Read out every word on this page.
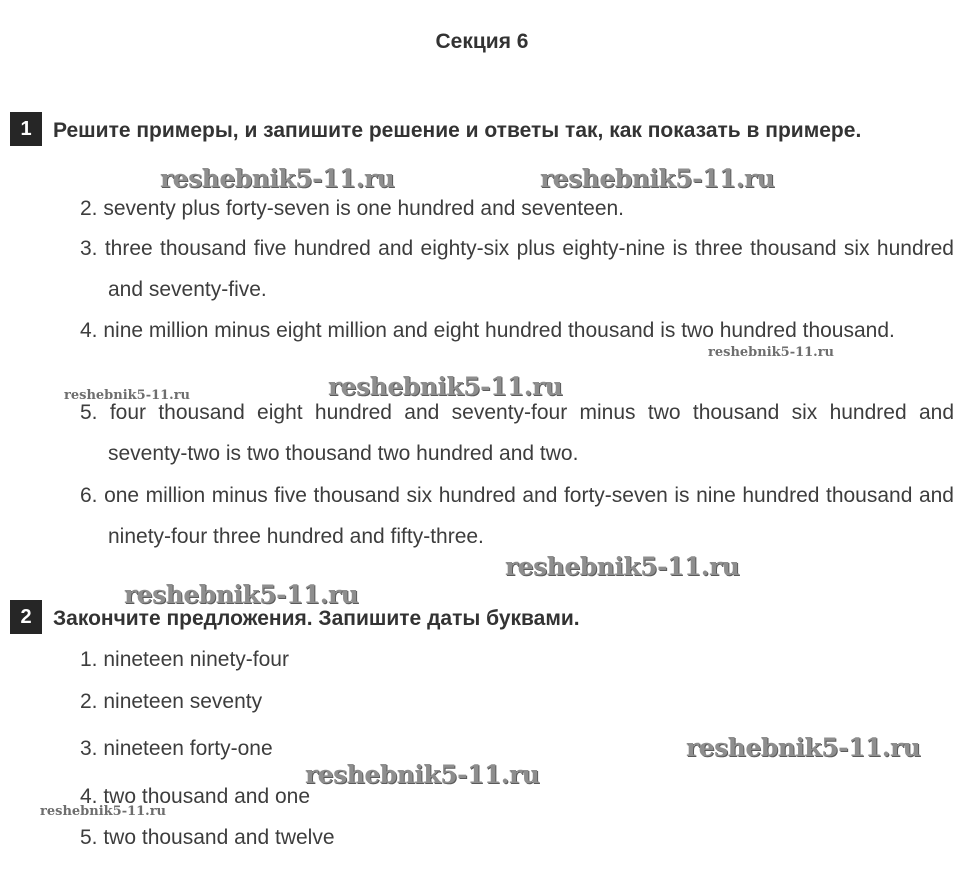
Секция 6
1	Решите примеры, и запишите решение и ответы так, как показать в примере.
2. seventy plus forty-seven is one hundred and seventeen.
3. three thousand five hundred and eighty-six plus eighty-nine is three thousand six hundred and seventy-five.
4. nine million minus eight million and eight hundred thousand is two hundred thousand.
5. four thousand eight hundred and seventy-four minus two thousand six hundred and seventy-two is two thousand two hundred and two.
6. one million minus five thousand six hundred and forty-seven is nine hundred thousand and ninety-four three hundred and fifty-three.
2	Закончите предложения. Запишите даты буквами.
1. nineteen ninety-four
2. nineteen seventy
3. nineteen forty-one
4. two thousand and one
5. two thousand and twelve
reshebnik5-11.ru	reshebnik5-11.ru
reshebnik5-11.ru
reshebnik5-11.ru
reshebnik5-11.ru
reshebnik5-11.ru
reshebnik5-11.ru
reshebnik5-11.ru
reshebnik5-11.ru
reshebnik5-11.ru
